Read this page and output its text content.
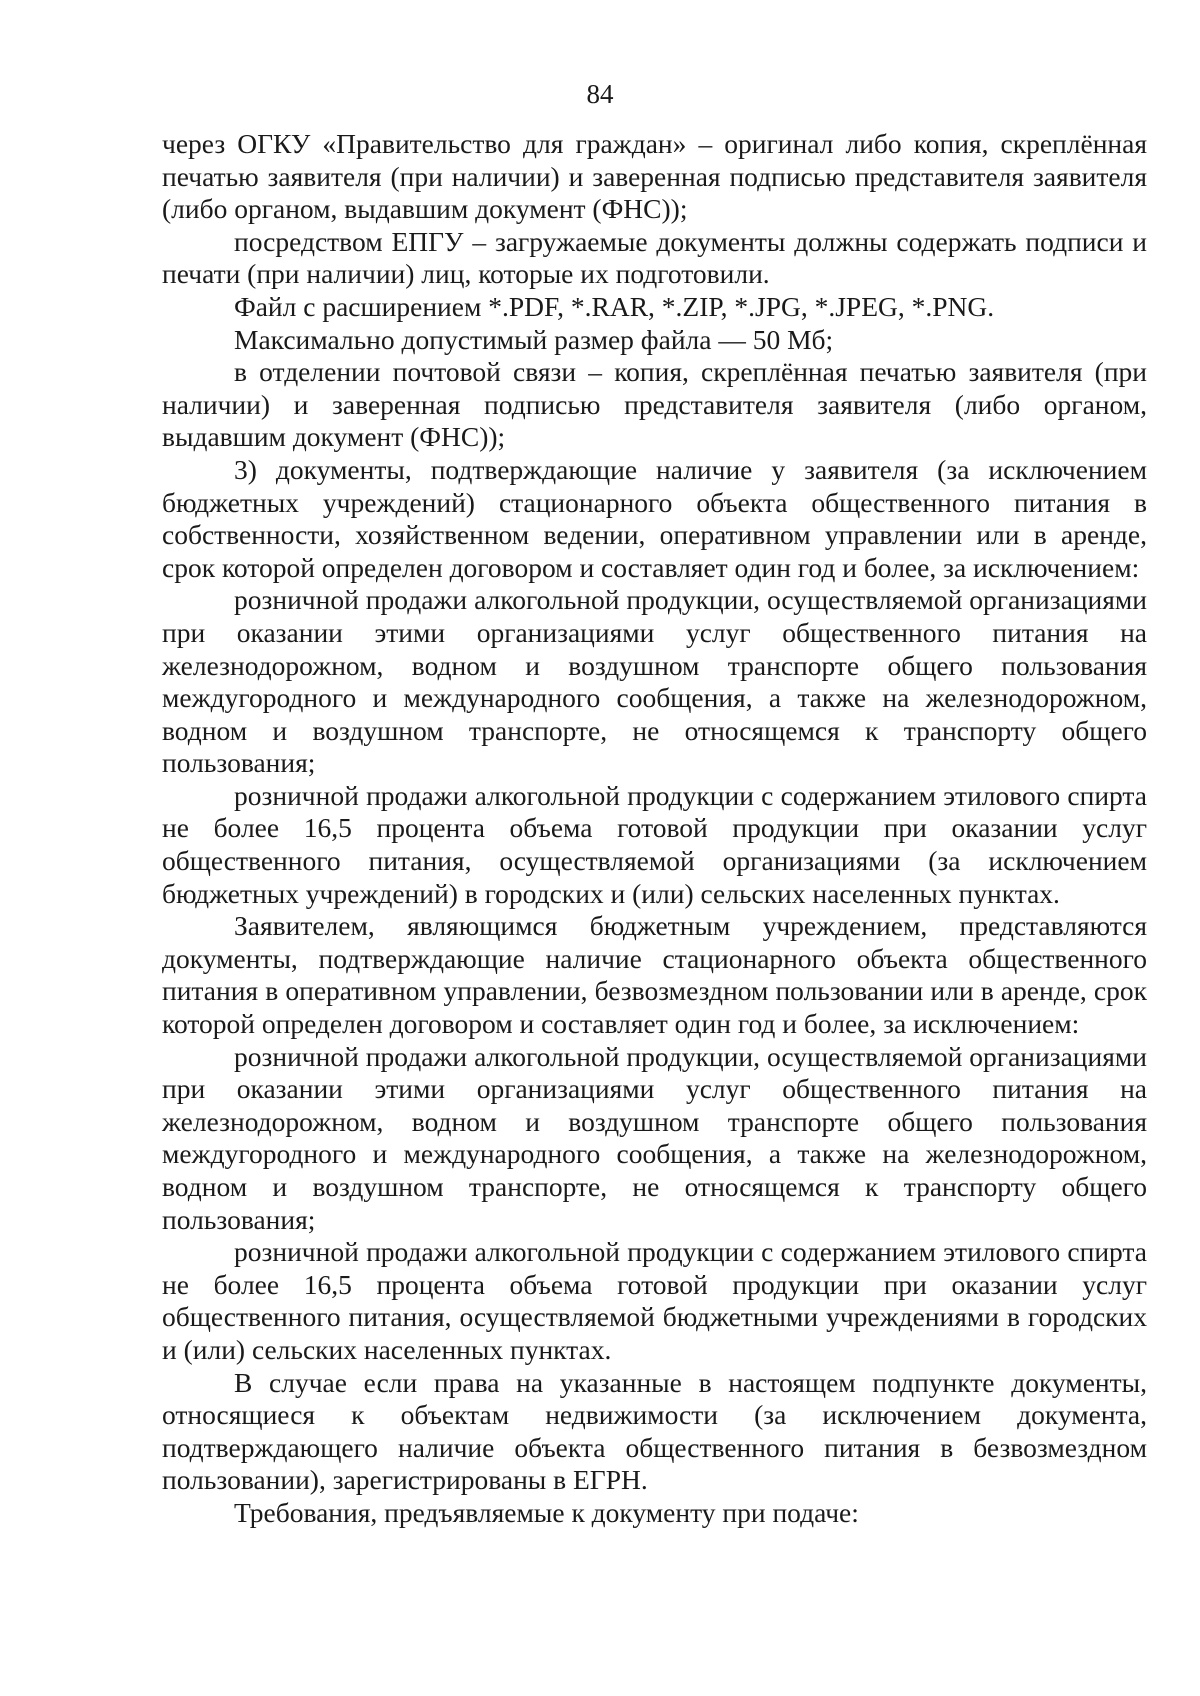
84

через ОГКУ «Правительство для граждан» – оригинал либо копия, скреплённая печатью заявителя (при наличии) и заверенная подписью представителя заявителя (либо органом, выдавшим документ (ФНС));

посредством ЕПГУ – загружаемые документы должны содержать подписи и печати (при наличии) лиц, которые их подготовили.

Файл с расширением *.PDF, *.RAR, *.ZIP, *.JPG, *.JPEG, *.PNG.

Максимально допустимый размер файла — 50 Мб;

в отделении почтовой связи – копия, скреплённая печатью заявителя (при наличии) и заверенная подписью представителя заявителя (либо органом, выдавшим документ (ФНС));

3) документы, подтверждающие наличие у заявителя (за исключением бюджетных учреждений) стационарного объекта общественного питания в собственности, хозяйственном ведении, оперативном управлении или в аренде, срок которой определен договором и составляет один год и более, за исключением:

розничной продажи алкогольной продукции, осуществляемой организациями при оказании этими организациями услуг общественного питания на железнодорожном, водном и воздушном транспорте общего пользования междугородного и международного сообщения, а также на железнодорожном, водном и воздушном транспорте, не относящемся к транспорту общего пользования;

розничной продажи алкогольной продукции с содержанием этилового спирта не более 16,5 процента объема готовой продукции при оказании услуг общественного питания, осуществляемой организациями (за исключением бюджетных учреждений) в городских и (или) сельских населенных пунктах.

Заявителем, являющимся бюджетным учреждением, представляются документы, подтверждающие наличие стационарного объекта общественного питания в оперативном управлении, безвозмездном пользовании или в аренде, срок которой определен договором и составляет один год и более, за исключением:

розничной продажи алкогольной продукции, осуществляемой организациями при оказании этими организациями услуг общественного питания на железнодорожном, водном и воздушном транспорте общего пользования междугородного и международного сообщения, а также на железнодорожном, водном и воздушном транспорте, не относящемся к транспорту общего пользования;

розничной продажи алкогольной продукции с содержанием этилового спирта не более 16,5 процента объема готовой продукции при оказании услуг общественного питания, осуществляемой бюджетными учреждениями в городских и (или) сельских населенных пунктах.

В случае если права на указанные в настоящем подпункте документы, относящиеся к объектам недвижимости (за исключением документа, подтверждающего наличие объекта общественного питания в безвозмездном пользовании), зарегистрированы в ЕГРН.

Требования, предъявляемые к документу при подаче:
